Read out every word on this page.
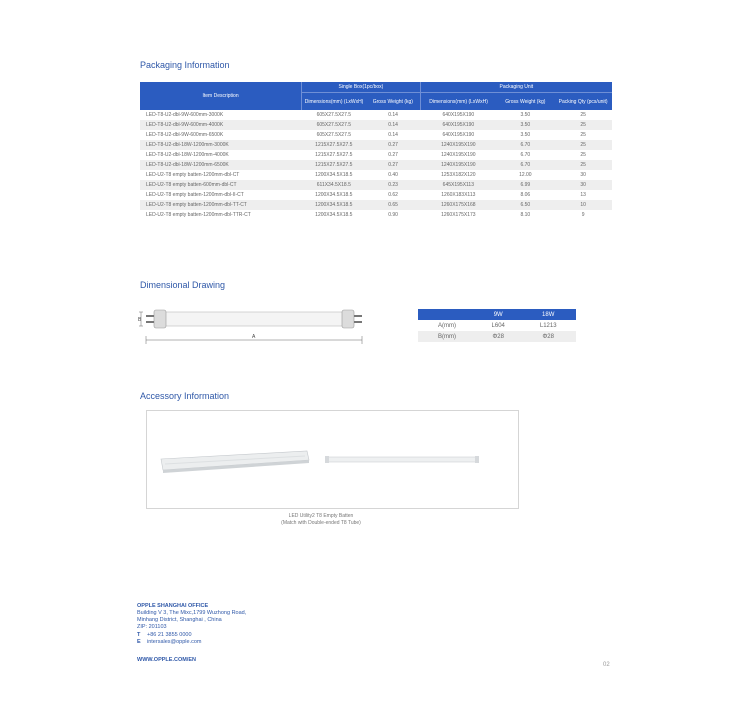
Packaging Information
Item Description	Single Box(1pc/box)		Packaging Unit		
	Dimensions(mm) (LxWxH)	Gross Weight (kg)	Dimensions(mm) (LxWxH)	Gross Weight (kg)	Packing Qty (pcs/unit)
LED-T8-U2-dbl-9W-600mm-3000K	605X27.5X27.5	0.14	640X195X190	3.50	25
LED-T8-U2-dbl-9W-600mm-4000K	605X27.5X27.5	0.14	640X195X190	3.50	25
LED-T8-U2-dbl-9W-600mm-6500K	605X27.5X27.5	0.14	640X195X190	3.50	25
LED-T8-U2-dbl-18W-1200mm-3000K	1215X27.5X27.5	0.27	1240X195X190	6.70	25
LED-T8-U2-dbl-18W-1200mm-4000K	1215X27.5X27.5	0.27	1240X195X190	6.70	25
LED-T8-U2-dbl-18W-1200mm-6500K	1215X27.5X27.5	0.27	1240X195X190	6.70	25
LED-U2-T8 empty batten-1200mm-dbl-CT	1200X34.5X18.5	0.40	1253X182X120	12.00	30
LED-U2-T8 empty batten-600mm-dbl-CT	611X34.5X18.5	0.23	645X195X113	6.99	30
LED-U2-T8 empty batten-1200mm-dbl-II-CT	1200X34.5X18.5	0.62	1260X183X113	8.06	13
LED-U2-T8 empty batten-1200mm-dbl-TT-CT	1200X34.5X18.5	0.65	1260X175X168	6.50	10
LED-U2-T8 empty batten-1200mm-dbl-TTR-CT	1200X34.5X18.5	0.90	1260X175X173	8.10	9
Dimensional Drawing
B
A
	9W	18W
A(mm)	L604	L1213
B(mm)	Φ28	Φ28
Accessory Information
LED Utility2 T8 Empty Batten
(Match with Double-ended T8 Tube)
OPPLE SHANGHAI OFFICE
Building V 3, The Mixc,1799 Wuzhong Road,
Minhang District, Shanghai , China
ZIP: 201103
T +86 21 3855 0000
E intersales@opple.com
WWW.OPPLE.COM/EN
02
